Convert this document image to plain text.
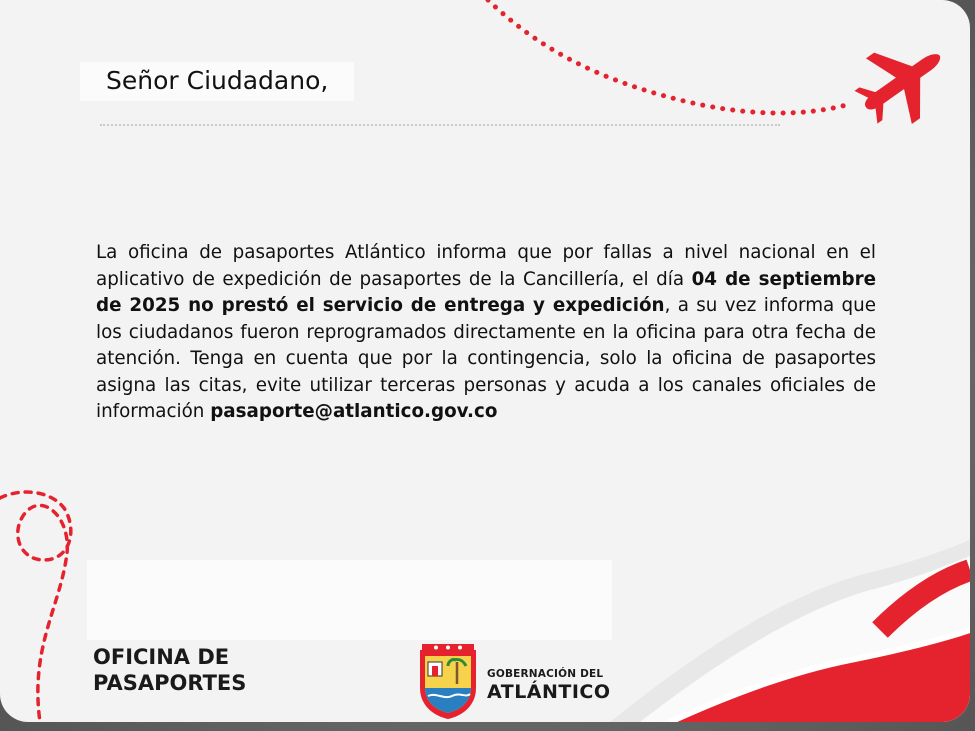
Señor Ciudadano,
La oficina de pasaportes Atlántico informa que por fallas a nivel nacional en el aplicativo de expedición de pasaportes de la Cancillería, el día 04 de septiembre de 2025 no prestó el servicio de entrega y expedición, a su vez informa que los ciudadanos fueron reprogramados directamente en la oficina para otra fecha de atención. Tenga en cuenta que por la contingencia, solo la oficina de pasaportes asigna las citas, evite utilizar terceras personas y acuda a los canales oficiales de información pasaporte@atlantico.gov.co
OFICINA DE
PASAPORTES	GOBERNACIÓN DEL
ATLÁNTICO
